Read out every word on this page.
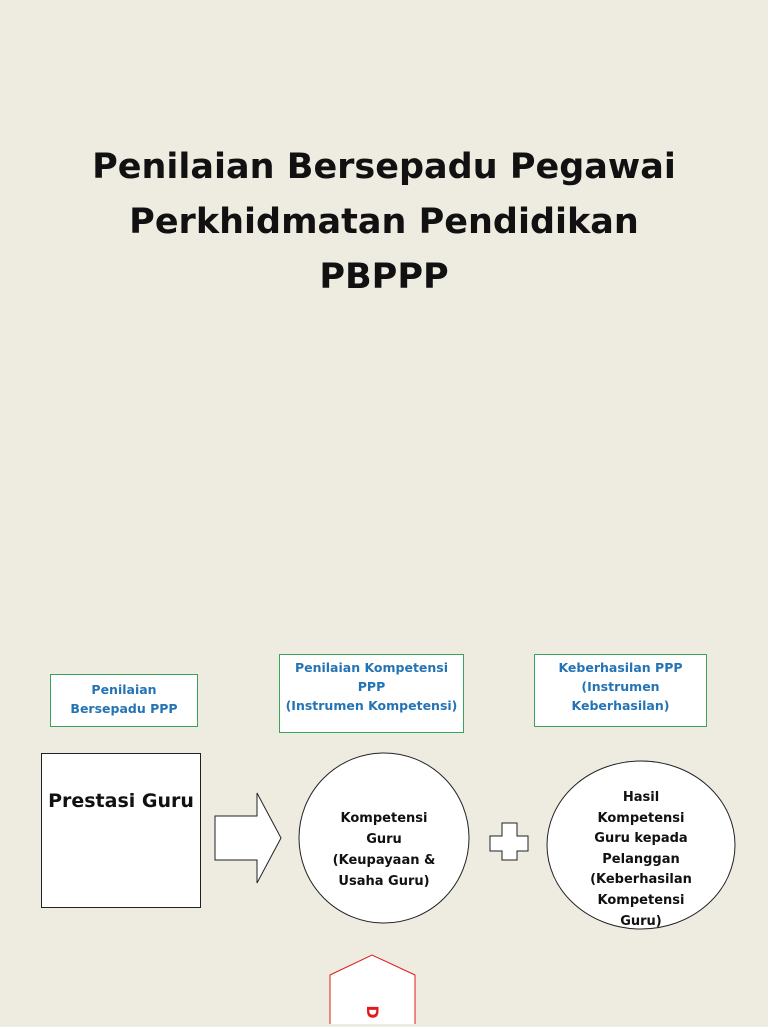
Penilaian Bersepadu Pegawai
Perkhidmatan Pendidikan
PBPPP
Penilaian
Bersepadu PPP
Penilaian Kompetensi
PPP
(Instrumen Kompetensi)
Keberhasilan PPP
(Instrumen Keberhasilan)
Prestasi Guru
Kompetensi
Guru
(Keupayaan &
Usaha Guru)
Hasil
Kompetensi
Guru kepada
Pelanggan
(Keberhasilan
Kompetensi
Guru)
D
